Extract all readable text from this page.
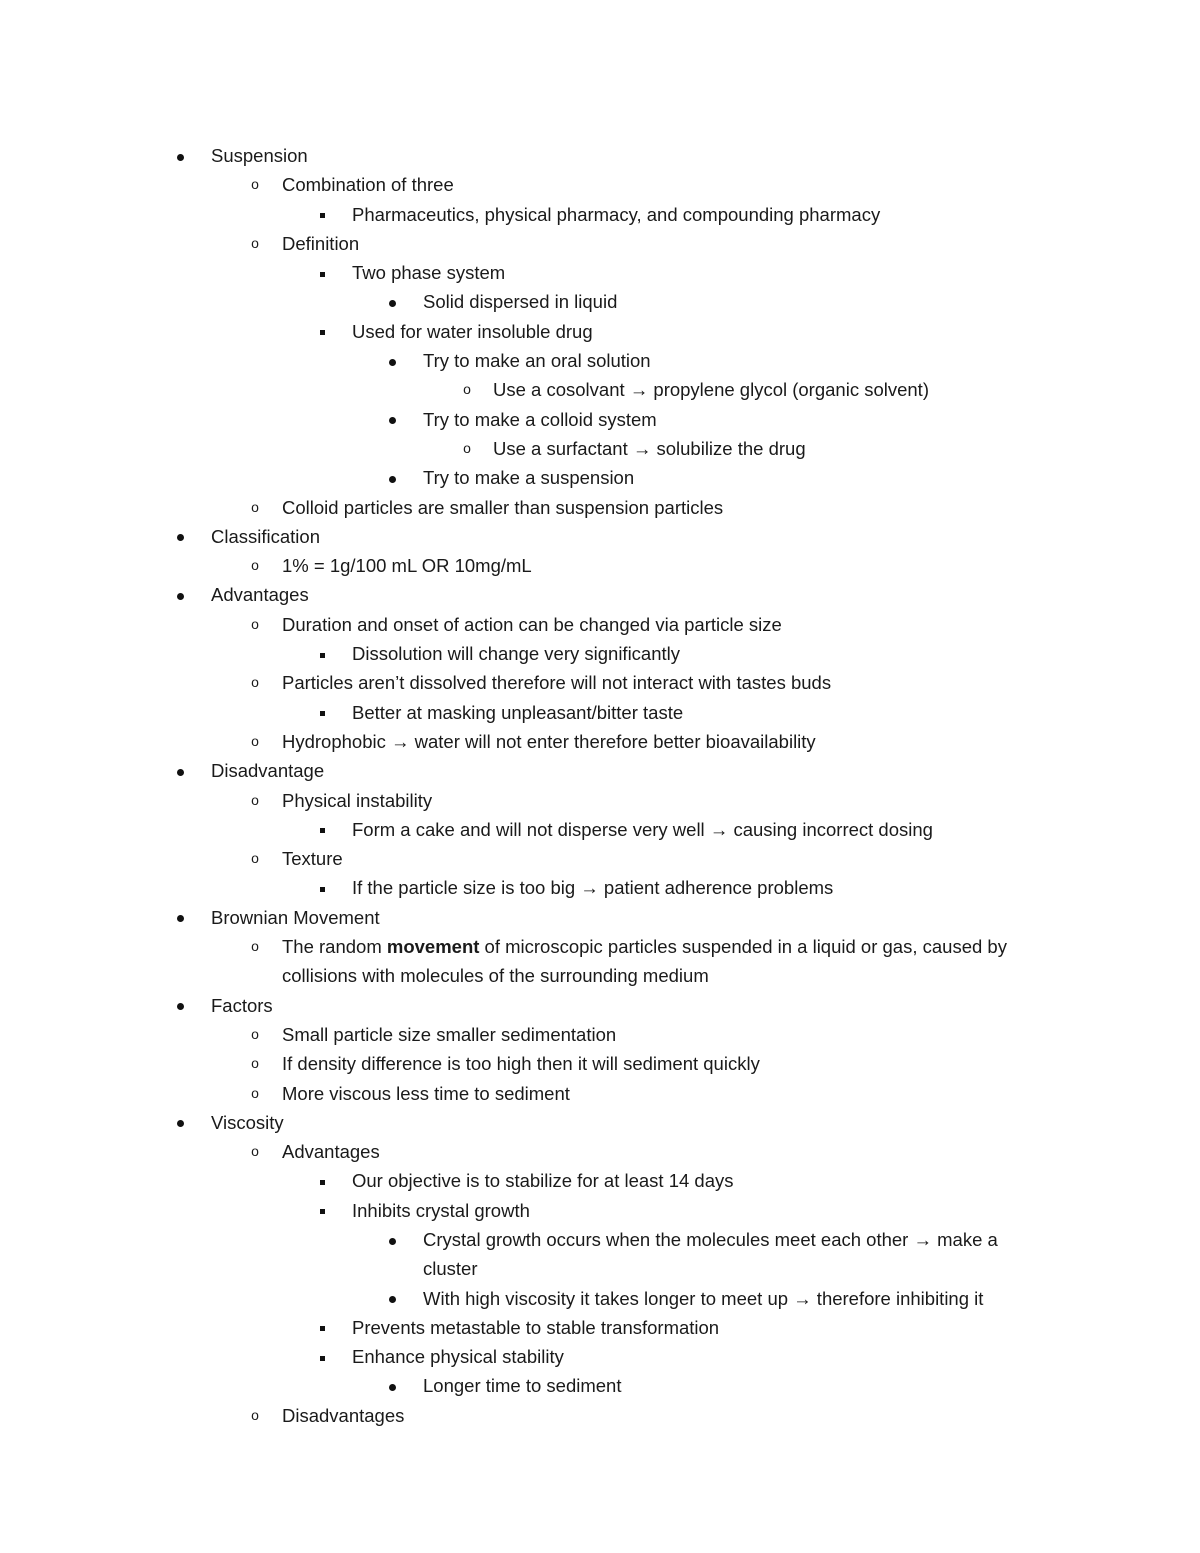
Suspension
o	Combination of three
Pharmaceutics, physical pharmacy, and compounding pharmacy
o	Definition
Two phase system
Solid dispersed in liquid
Used for water insoluble drug
Try to make an oral solution
o	Use a cosolvant → propylene glycol (organic solvent)
Try to make a colloid system
o	Use a surfactant → solubilize the drug
Try to make a suspension
o	Colloid particles are smaller than suspension particles
Classification
o	1% = 1g/100 mL OR 10mg/mL
Advantages
o	Duration and onset of action can be changed via particle size
Dissolution will change very significantly
o	Particles aren’t dissolved therefore will not interact with tastes buds
Better at masking unpleasant/bitter taste
o	Hydrophobic → water will not enter therefore better bioavailability
Disadvantage
o	Physical instability
Form a cake and will not disperse very well → causing incorrect dosing
o	Texture
If the particle size is too big → patient adherence problems
Brownian Movement
o	The random movement of microscopic particles suspended in a liquid or gas, caused by collisions with molecules of the surrounding medium
Factors
o	Small particle size smaller sedimentation
o	If density difference is too high then it will sediment quickly
o	More viscous less time to sediment
Viscosity
o	Advantages
Our objective is to stabilize for at least 14 days
Inhibits crystal growth
Crystal growth occurs when the molecules meet each other → make a cluster
With high viscosity it takes longer to meet up → therefore inhibiting it
Prevents metastable to stable transformation
Enhance physical stability
Longer time to sediment
o	Disadvantages
